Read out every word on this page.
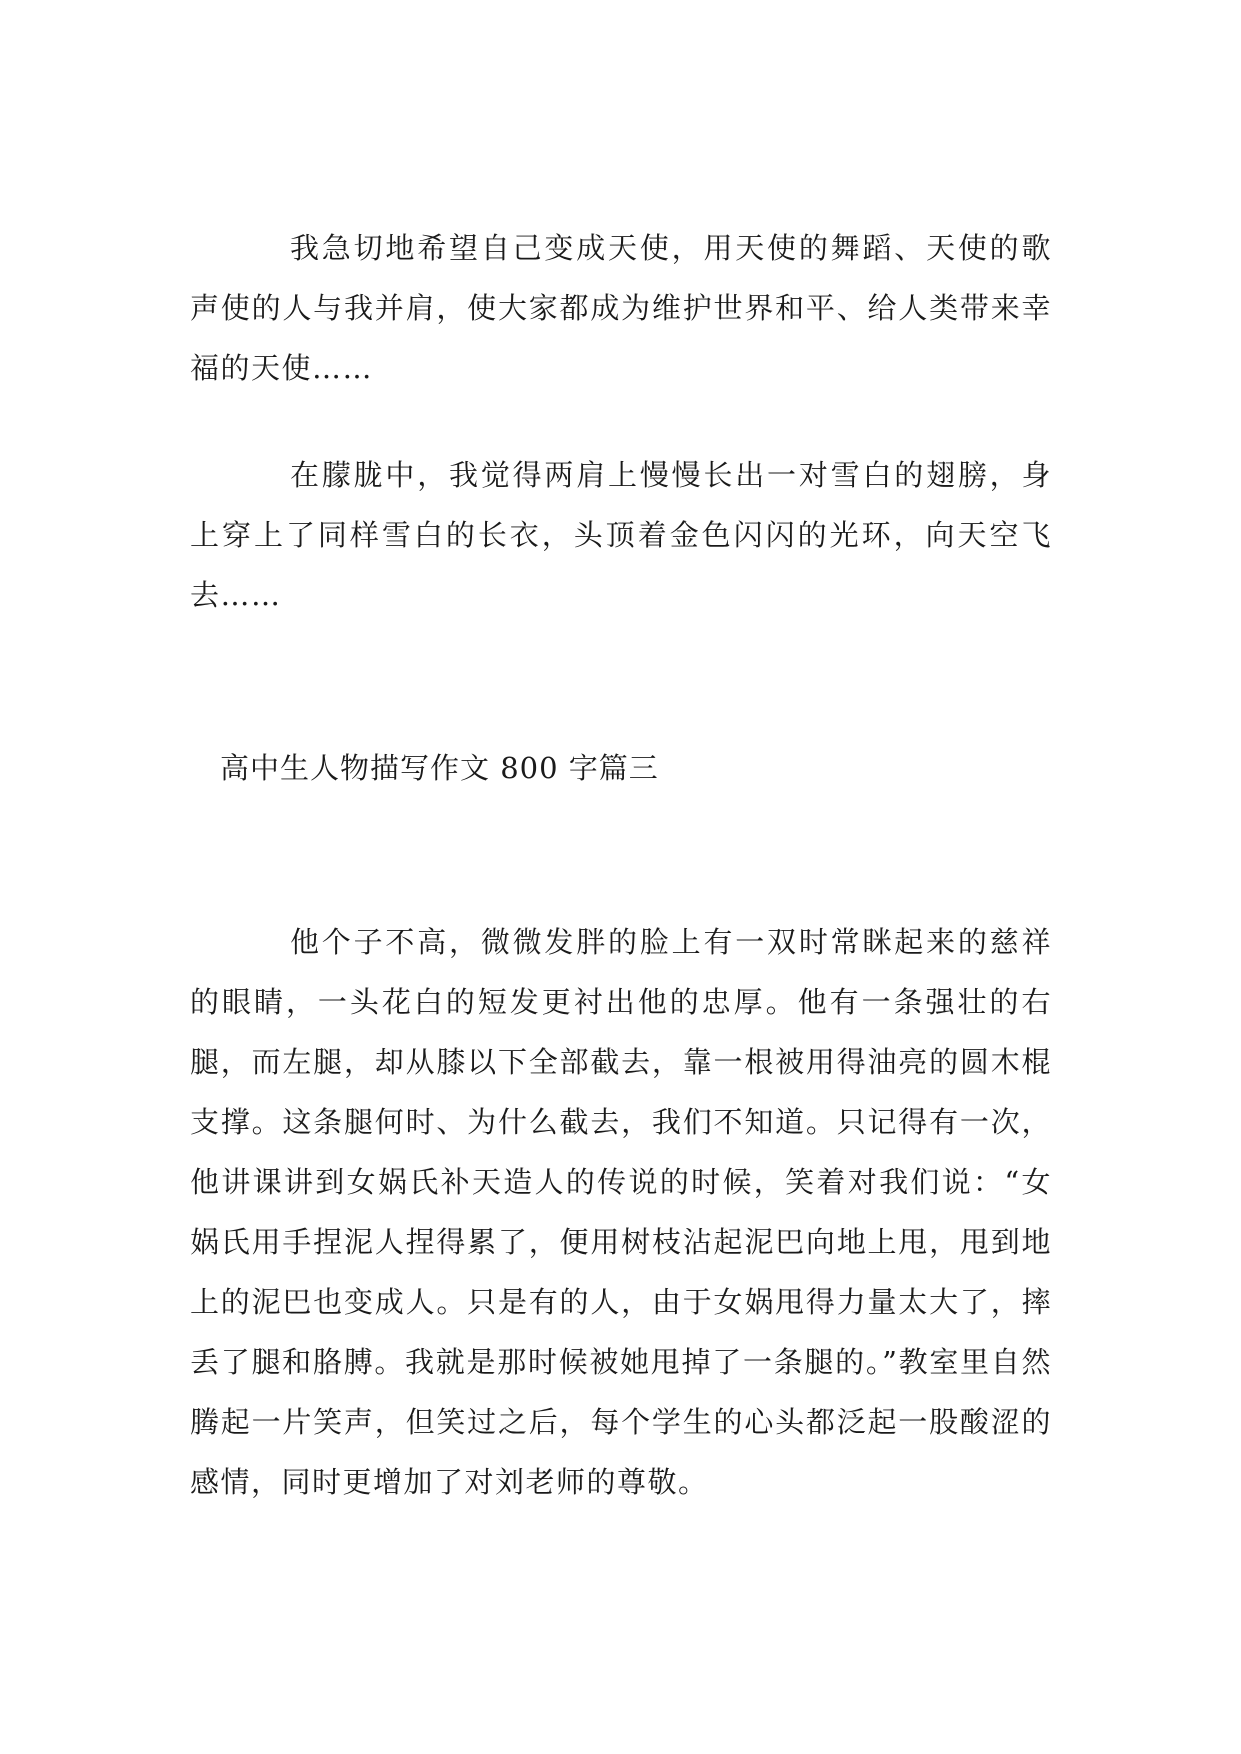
我急切地希望自己变成天使，用天使的舞蹈、天使的歌声使的人与我并肩，使大家都成为维护世界和平、给人类带来幸福的天使……

在朦胧中，我觉得两肩上慢慢长出一对雪白的翅膀，身上穿上了同样雪白的长衣，头顶着金色闪闪的光环，向天空飞去……

高中生人物描写作文 800 字篇三

他个子不高，微微发胖的脸上有一双时常眯起来的慈祥的眼睛，一头花白的短发更衬出他的忠厚。他有一条强壮的右腿，而左腿，却从膝以下全部截去，靠一根被用得油亮的圆木棍支撑。这条腿何时、为什么截去，我们不知道。只记得有一次，他讲课讲到女娲氏补天造人的传说的时候，笑着对我们说：“女娲氏用手捏泥人捏得累了，便用树枝沾起泥巴向地上甩，甩到地上的泥巴也变成人。只是有的人，由于女娲甩得力量太大了，摔丢了腿和胳膊。我就是那时候被她甩掉了一条腿的。”教室里自然腾起一片笑声，但笑过之后，每个学生的心头都泛起一股酸涩的感情，同时更增加了对刘老师的尊敬。
